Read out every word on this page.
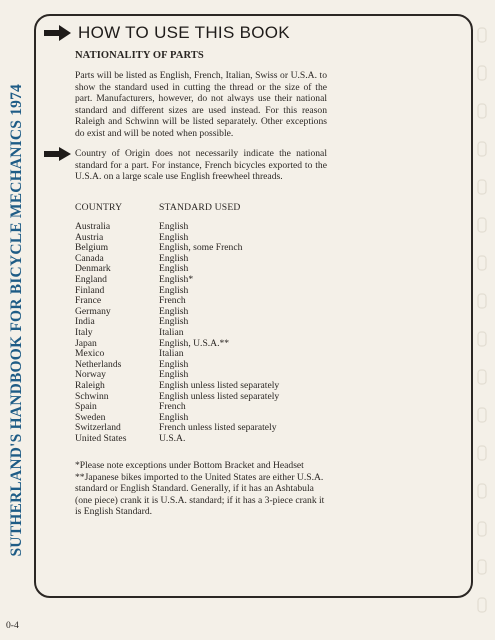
SUTHERLAND'S HANDBOOK FOR BICYCLE MECHANICS 1974
HOW TO USE THIS BOOK
NATIONALITY OF PARTS
Parts will be listed as English, French, Italian, Swiss or U.S.A. to show the standard used in cutting the thread or the size of the part. Manufacturers, however, do not always use their national standard and different sizes are used instead. For this reason Raleigh and Schwinn will be listed separately. Other exceptions do exist and will be noted when possible.
Country of Origin does not necessarily indicate the national standard for a part. For instance, French bicycles exported to the U.S.A. on a large scale use English freewheel threads.
COUNTRY	STANDARD USED
Australia	English
Austria	English
Belgium	English, some French
Canada	English
Denmark	English
England	English*
Finland	English
France	French
Germany	English
India	English
Italy	Italian
Japan	English, U.S.A.**
Mexico	Italian
Netherlands	English
Norway	English
Raleigh	English unless listed separately
Schwinn	English unless listed separately
Spain	French
Sweden	English
Switzerland	French unless listed separately
United States	U.S.A.
*Please note exceptions under Bottom Bracket and Headset
**Japanese bikes imported to the United States are either U.S.A. standard or English Standard. Generally, if it has an Ashtabula (one piece) crank it is U.S.A. standard; if it has a 3-piece crank it is English Standard.
0-4
